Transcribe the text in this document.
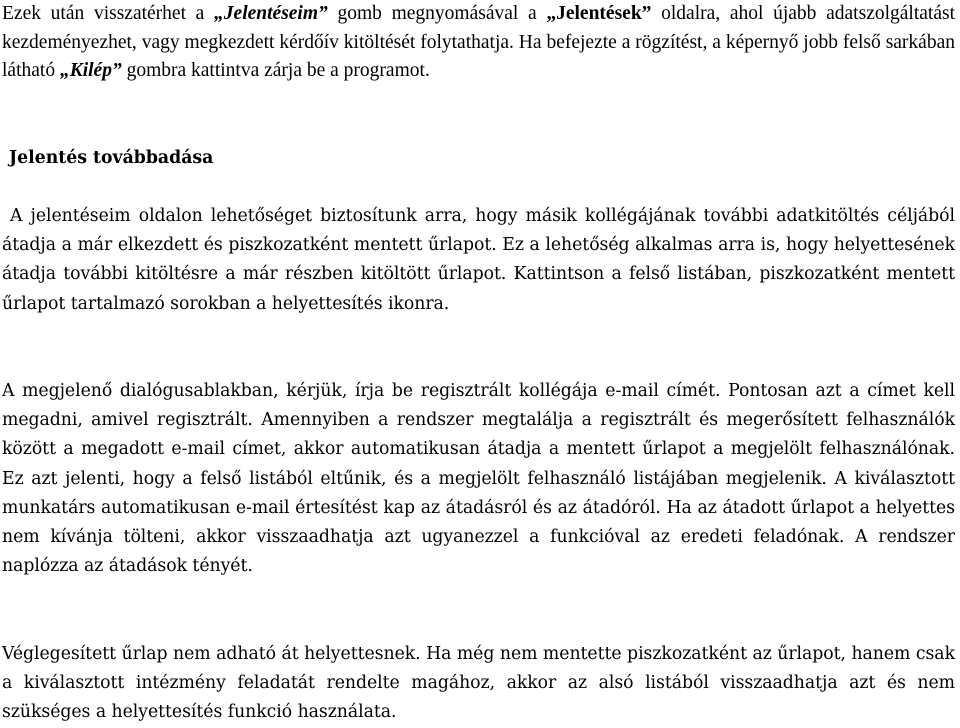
Ezek után visszatérhet a „Jelentéseim” gomb megnyomásával a „Jelentések” oldalra, ahol újabb adatszolgáltatást kezdeményezhet, vagy megkezdett kérdőív kitöltését folytathatja. Ha befejezte a rögzítést, a képernyő jobb felső sarkában látható „Kilép” gombra kattintva zárja be a programot.

Jelentés továbbadása

A jelentéseim oldalon lehetőséget biztosítunk arra, hogy másik kollégájának további adatkitöltés céljából átadja a már elkezdett és piszkozatként mentett űrlapot. Ez a lehetőség alkalmas arra is, hogy helyettesének átadja további kitöltésre a már részben kitöltött űrlapot. Kattintson a felső listában, piszkozatként mentett űrlapot tartalmazó sorokban a helyettesítés ikonra.

A megjelenő dialógusablakban, kérjük, írja be regisztrált kollégája e-mail címét. Pontosan azt a címet kell megadni, amivel regisztrált. Amennyiben a rendszer megtalálja a regisztrált és megerősített felhasználók között a megadott e-mail címet, akkor automatikusan átadja a mentett űrlapot a megjelölt felhasználónak. Ez azt jelenti, hogy a felső listából eltűnik, és a megjelölt felhasználó listájában megjelenik. A kiválasztott munkatárs automatikusan e-mail értesítést kap az átadásról és az átadóról. Ha az átadott űrlapot a helyettes nem kívánja tölteni, akkor visszaadhatja azt ugyanezzel a funkcióval az eredeti feladónak. A rendszer naplózza az átadások tényét.

Véglegesített űrlap nem adható át helyettesnek. Ha még nem mentette piszkozatként az űrlapot, hanem csak a kiválasztott intézmény feladatát rendelte magához, akkor az alsó listából visszaadhatja azt és nem szükséges a helyettesítés funkció használata.
